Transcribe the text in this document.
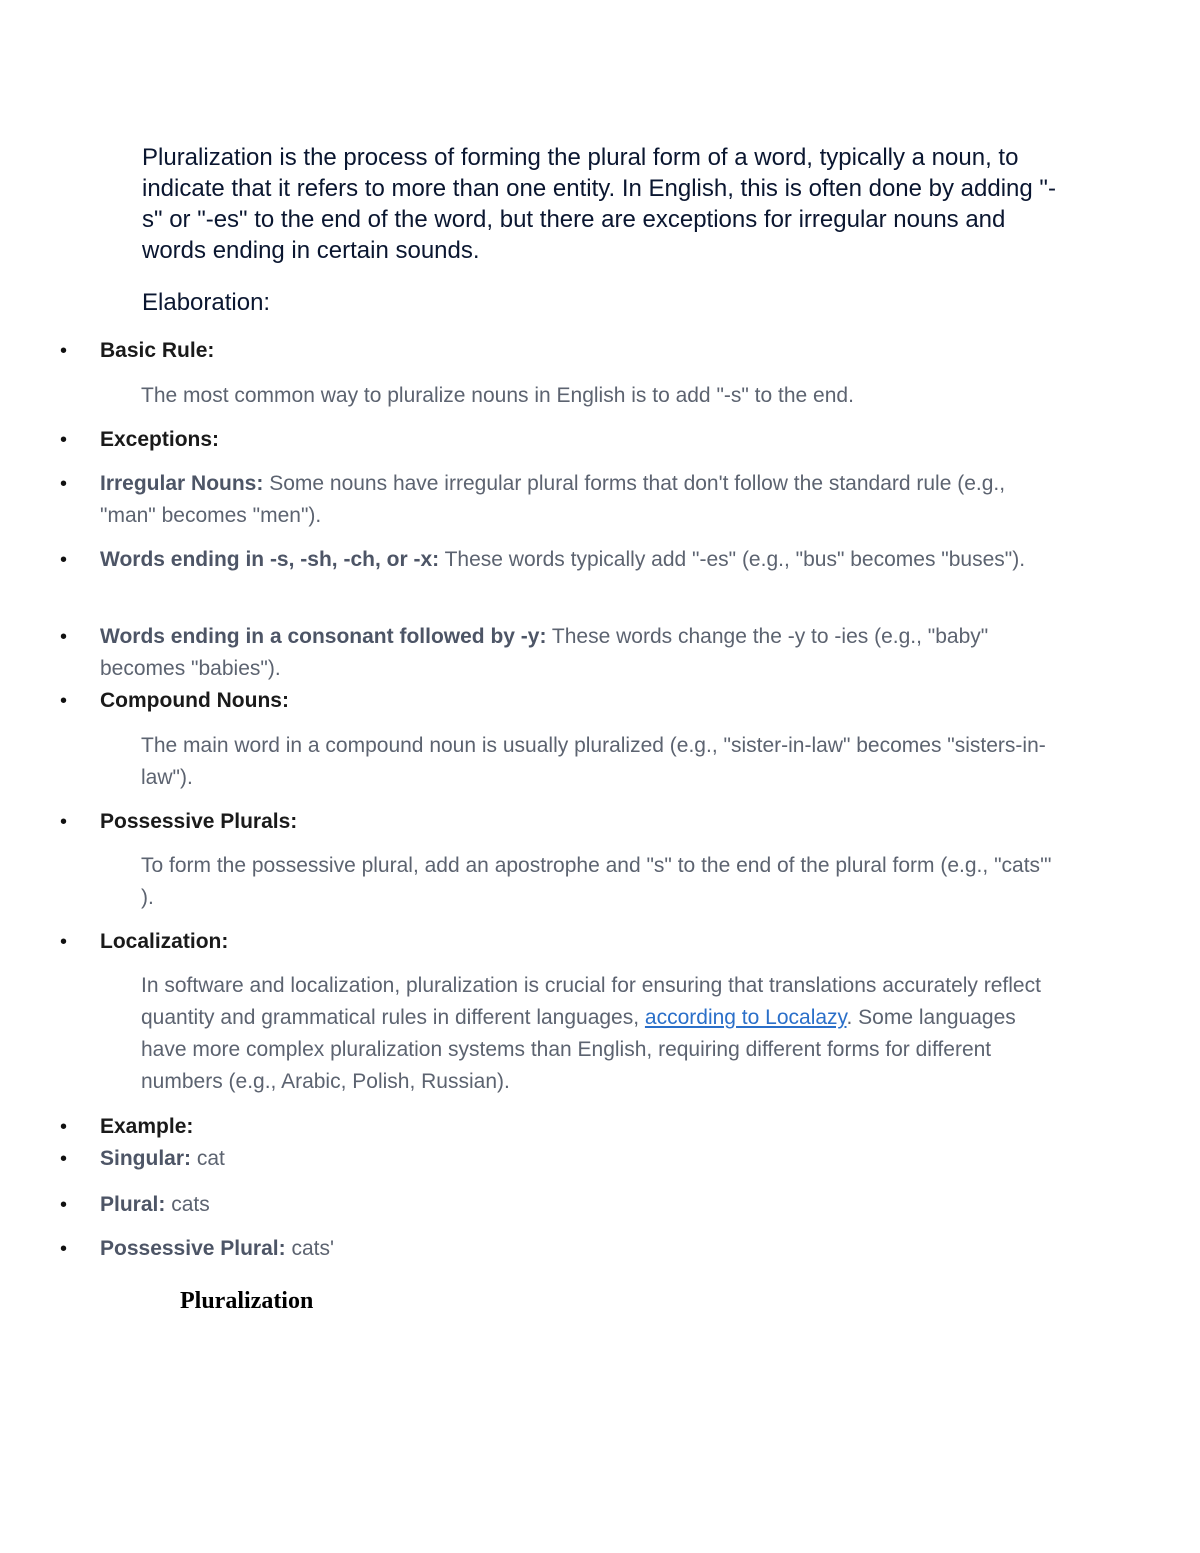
Pluralization is the process of forming the plural form of a word, typically a noun, to indicate that it refers to more than one entity. In English, this is often done by adding "-s" or "-es" to the end of the word, but there are exceptions for irregular nouns and words ending in certain sounds.

Elaboration:

•	Basic Rule:

The most common way to pluralize nouns in English is to add "-s" to the end.

•	Exceptions:
•	Irregular Nouns: Some nouns have irregular plural forms that don't follow the standard rule (e.g., "man" becomes "men").
•	Words ending in -s, -sh, -ch, or -x: These words typically add "-es" (e.g., "bus" becomes "buses").
•	Words ending in a consonant followed by -y: These words change the -y to -ies (e.g., "baby" becomes "babies").
•	Compound Nouns:

The main word in a compound noun is usually pluralized (e.g., "sister-in-law" becomes "sisters-in-law").

•	Possessive Plurals:

To form the possessive plural, add an apostrophe and "s" to the end of the plural form (e.g., "cats'" ).

•	Localization:

In software and localization, pluralization is crucial for ensuring that translations accurately reflect quantity and grammatical rules in different languages, according to Localazy. Some languages have more complex pluralization systems than English, requiring different forms for different numbers (e.g., Arabic, Polish, Russian).

•	Example:
•	Singular: cat
•	Plural: cats
•	Possessive Plural: cats'
Pluralization
